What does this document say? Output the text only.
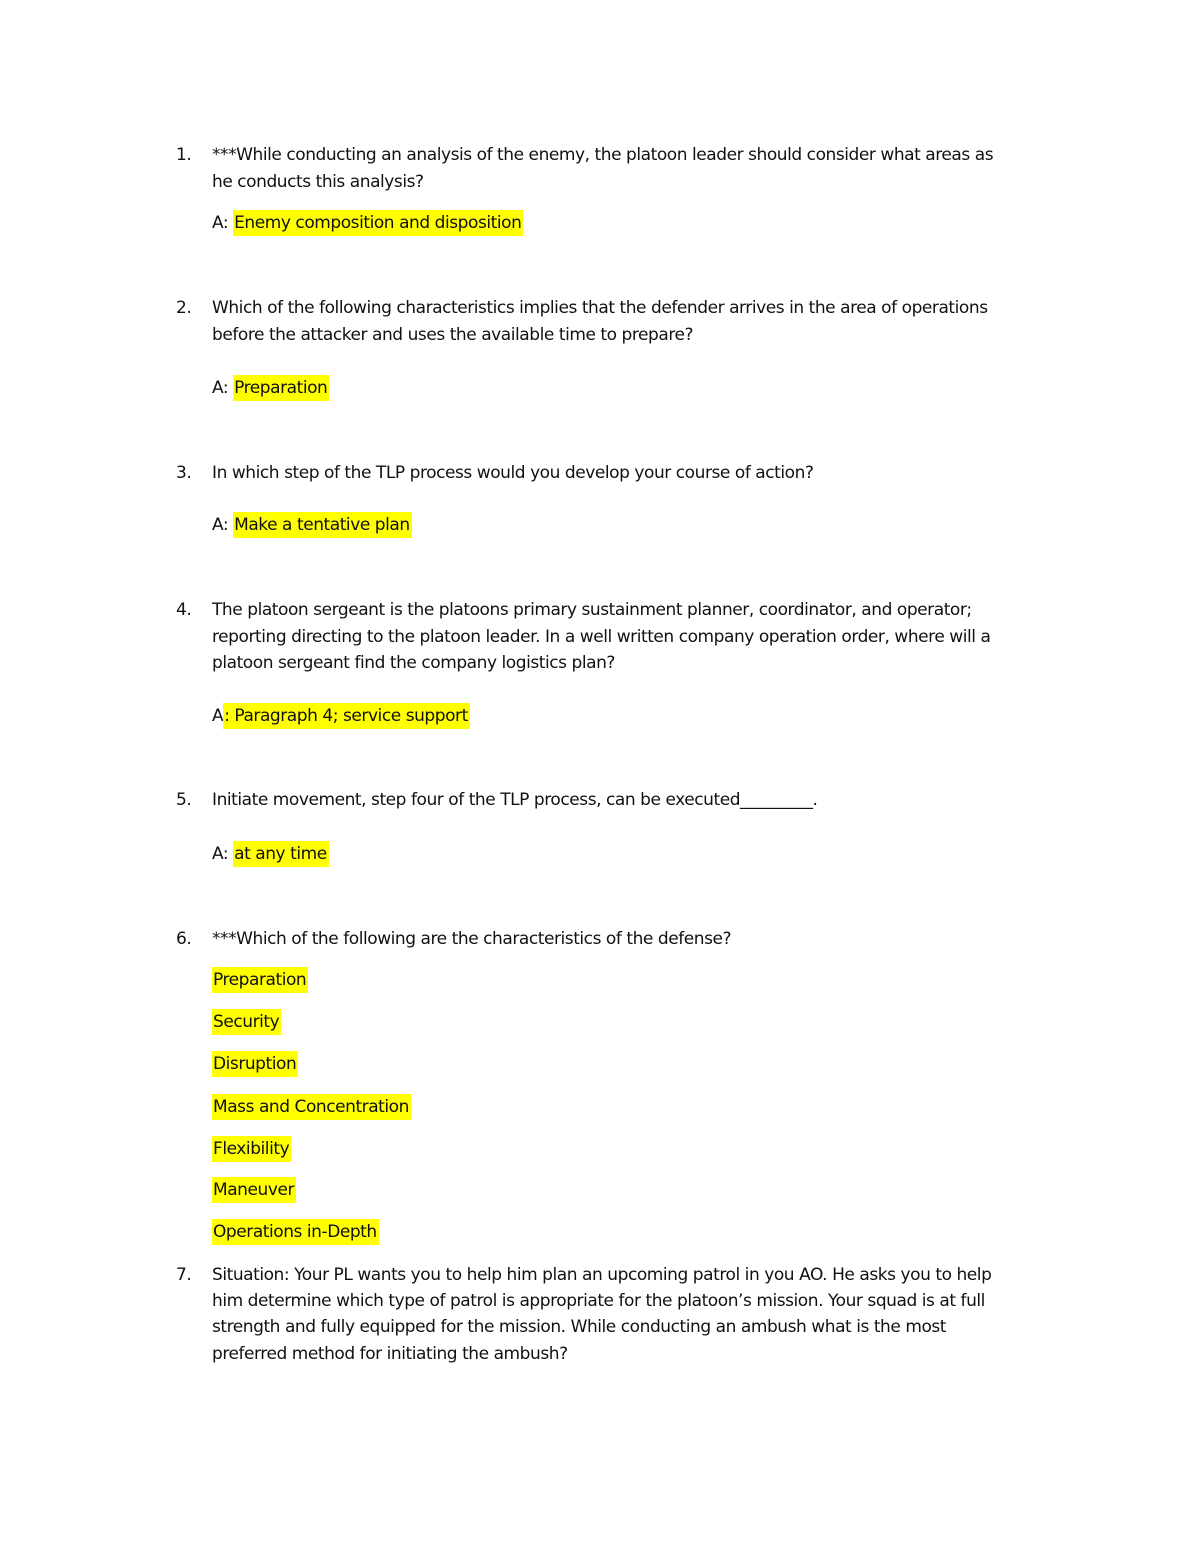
1.	***While conducting an analysis of the enemy, the platoon leader should consider what areas as
he conducts this analysis?
A: Enemy composition and disposition
2.	Which of the following characteristics implies that the defender arrives in the area of operations
before the attacker and uses the available time to prepare?
A: Preparation
3.	In which step of the TLP process would you develop your course of action?
A: Make a tentative plan
4.	The platoon sergeant is the platoons primary sustainment planner, coordinator, and operator;
reporting directing to the platoon leader. In a well written company operation order, where will a
platoon sergeant find the company logistics plan?
A: Paragraph 4; service support
5.	Initiate movement, step four of the TLP process, can be executed_________.
A: at any time
6.	***Which of the following are the characteristics of the defense?
Preparation
Security
Disruption
Mass and Concentration
Flexibility
Maneuver
Operations in-Depth
7.	Situation: Your PL wants you to help him plan an upcoming patrol in you AO. He asks you to help
him determine which type of patrol is appropriate for the platoon’s mission. Your squad is at full
strength and fully equipped for the mission. While conducting an ambush what is the most
preferred method for initiating the ambush?
